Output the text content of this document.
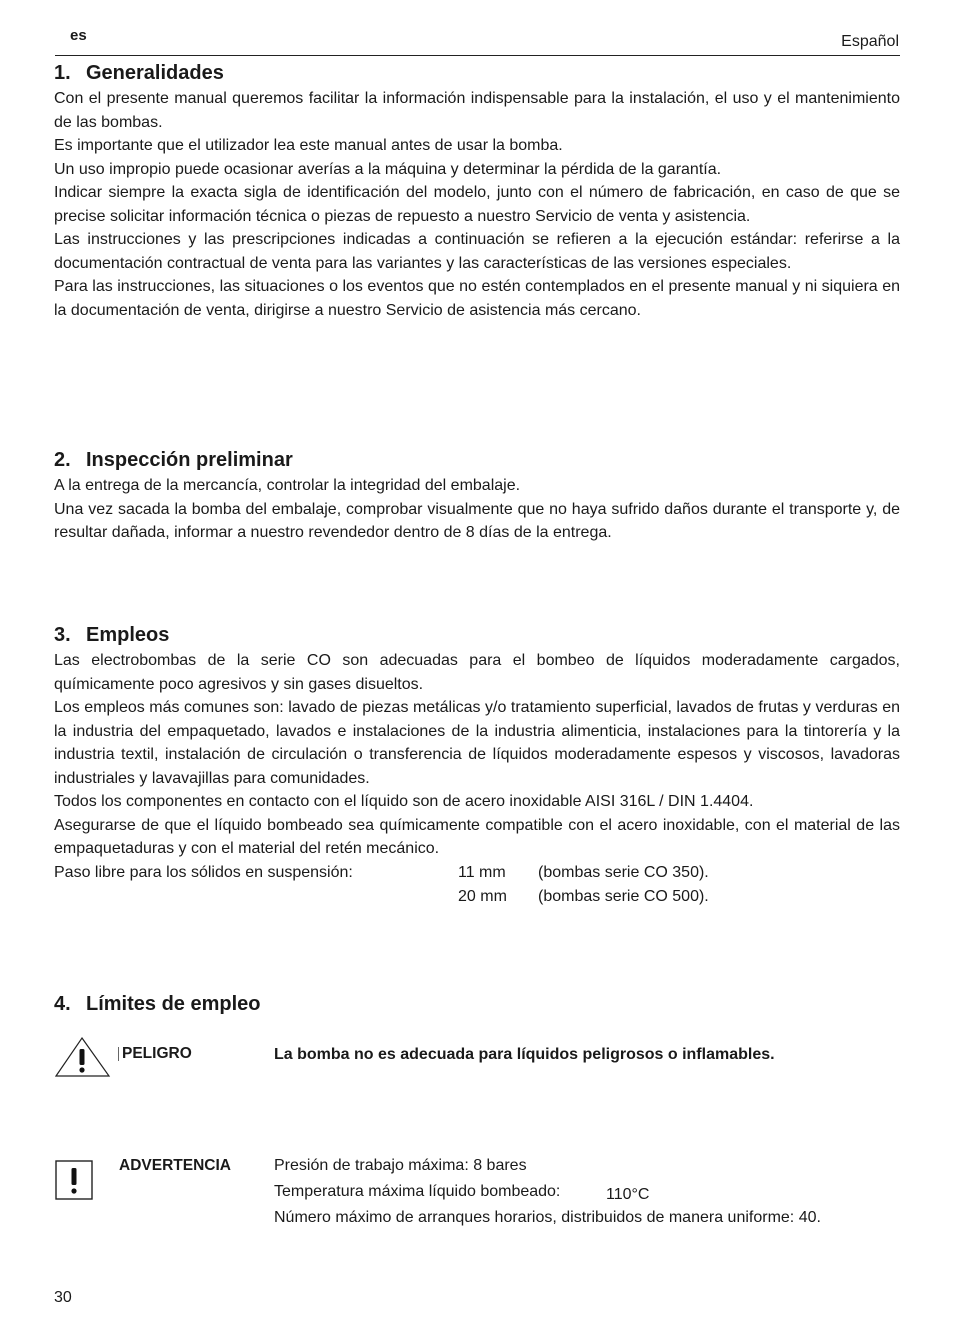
es	Español
1. Generalidades

Con el presente manual queremos facilitar la información indispensable para la instalación, el uso y el mantenimiento de las bombas.

Es importante que el utilizador lea este manual antes de usar la bomba.

Un uso impropio puede ocasionar averías a la máquina y determinar la pérdida de la garantía.

Indicar siempre la exacta sigla de identificación del modelo, junto con el número de fabricación, en caso de que se precise solicitar información técnica o piezas de repuesto a nuestro Servicio de venta y asistencia.

Las instrucciones y las prescripciones indicadas a continuación se refieren a la ejecución estándar: referirse a la documentación contractual de venta para las variantes y las características de las versiones especiales.

Para las instrucciones, las situaciones o los eventos que no estén contemplados en el presente manual y ni siquiera en la documentación de venta, dirigirse a nuestro Servicio de asistencia más cercano.

2. Inspección preliminar

A la entrega de la mercancía, controlar la integridad del embalaje.

Una vez sacada la bomba del embalaje, comprobar visualmente que no haya sufrido daños durante el transporte y, de resultar dañada, informar a nuestro revendedor dentro de 8 días de la entrega.

3. Empleos

Las electrobombas de la serie CO son adecuadas para el bombeo de líquidos moderadamente cargados, químicamente poco agresivos y sin gases disueltos.

Los empleos más comunes son: lavado de piezas metálicas y/o tratamiento superficial, lavados de frutas y verduras en la industria del empaquetado, lavados e instalaciones de la industria alimenticia, instalaciones para la tintorería y la industria textil, instalación de circulación o transferencia de líquidos moderadamente espesos y viscosos, lavadoras industriales y lavavajillas para comunidades.

Todos los componentes en contacto con el líquido son de acero inoxidable AISI 316L / DIN 1.4404.

Asegurarse de que el líquido bombeado sea químicamente compatible con el acero inoxidable, con el material de las empaquetaduras y con el material del retén mecánico.

Paso libre para los sólidos en suspensión:	11 mm (bombas serie CO 350).
20 mm (bombas serie CO 500).
4. Límites de empleo
PELIGRO	La bomba no es adecuada para líquidos peligrosos o inflamables.
ADVERTENCIA	Presión de trabajo máxima: 8 bares
Temperatura máxima líquido bombeado:	110°C
Número máximo de arranques horarios, distribuidos de manera uniforme: 40.
30
